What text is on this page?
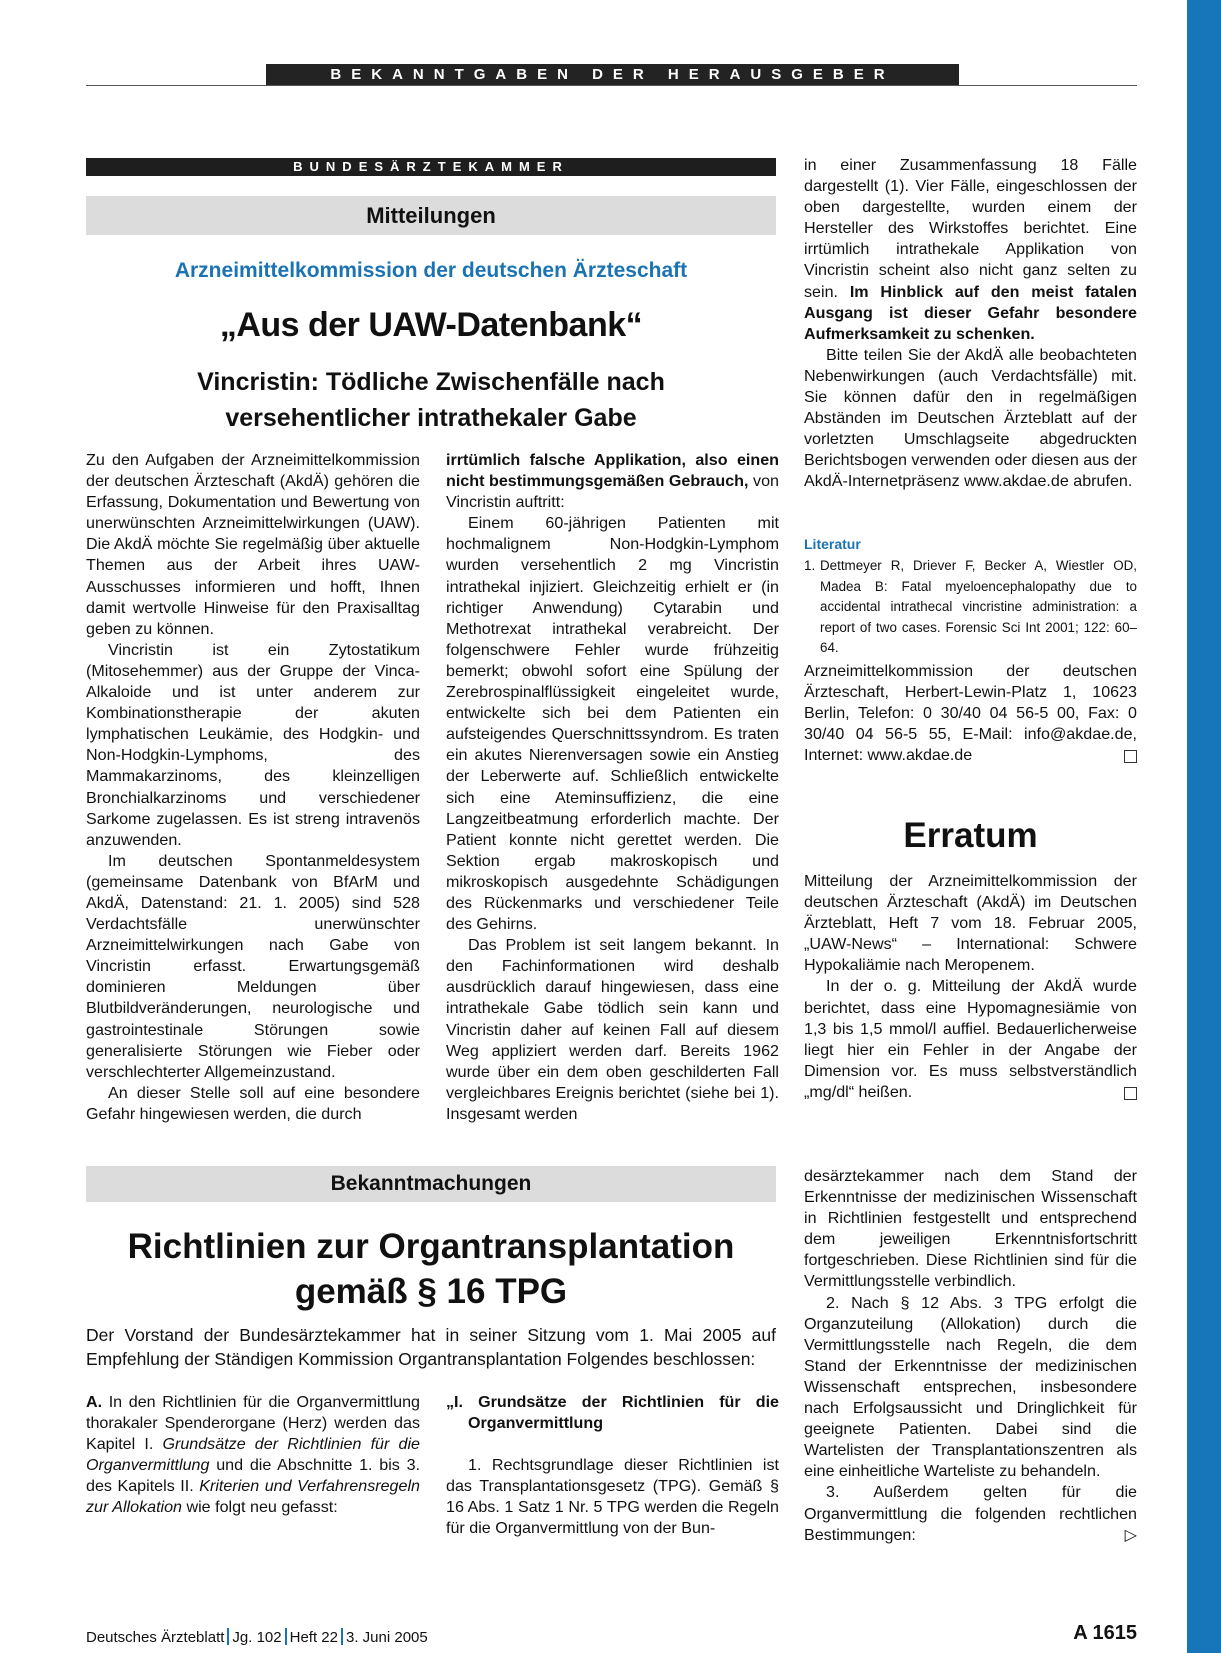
BEKANNTGABEN DER HERAUSGEBER
BUNDESÄRZTEKAMMER
Mitteilungen
Arzneimittelkommission der deutschen Ärzteschaft
„Aus der UAW-Datenbank“
Vincristin: Tödliche Zwischenfälle nach
versehentlicher intrathekaler Gabe

Zu den Aufgaben der Arzneimittelkommission der deutschen Ärzteschaft (AkdÄ) gehören die Erfassung, Dokumentation und Bewertung von unerwünschten Arzneimittelwirkungen (UAW). Die AkdÄ möchte Sie regelmäßig über aktuelle Themen aus der Arbeit ihres UAW-Ausschusses informieren und hofft, Ihnen damit wertvolle Hinweise für den Praxisalltag geben zu können.

Vincristin ist ein Zytostatikum (Mitosehemmer) aus der Gruppe der Vinca-Alkaloide und ist unter anderem zur Kombinationstherapie der akuten lymphatischen Leukämie, des Hodgkin- und Non-Hodgkin-Lymphoms, des Mammakarzinoms, des kleinzelligen Bronchialkarzinoms und verschiedener Sarkome zugelassen. Es ist streng intravenös anzuwenden.

Im deutschen Spontanmeldesystem (gemeinsame Datenbank von BfArM und AkdÄ, Datenstand: 21. 1. 2005) sind 528 Verdachtsfälle unerwünschter Arzneimittelwirkungen nach Gabe von Vincristin erfasst. Erwartungsgemäß dominieren Meldungen über Blutbildveränderungen, neurologische und gastrointestinale Störungen sowie generalisierte Störungen wie Fieber oder verschlechterter Allgemeinzustand.

An dieser Stelle soll auf eine besondere Gefahr hingewiesen werden, die durch

irrtümlich falsche Applikation, also einen nicht bestimmungsgemäßen Gebrauch, von Vincristin auftritt:

Einem 60-jährigen Patienten mit hochmalignem Non-Hodgkin-Lymphom wurden versehentlich 2 mg Vincristin intrathekal injiziert. Gleichzeitig erhielt er (in richtiger Anwendung) Cytarabin und Methotrexat intrathekal verabreicht. Der folgenschwere Fehler wurde frühzeitig bemerkt; obwohl sofort eine Spülung der Zerebrospinalflüssigkeit eingeleitet wurde, entwickelte sich bei dem Patienten ein aufsteigendes Querschnittssyndrom. Es traten ein akutes Nierenversagen sowie ein Anstieg der Leberwerte auf. Schließlich entwickelte sich eine Ateminsuffizienz, die eine Langzeitbeatmung erforderlich machte. Der Patient konnte nicht gerettet werden. Die Sektion ergab makroskopisch und mikroskopisch ausgedehnte Schädigungen des Rückenmarks und verschiedener Teile des Gehirns.

Das Problem ist seit langem bekannt. In den Fachinformationen wird deshalb ausdrücklich darauf hingewiesen, dass eine intrathekale Gabe tödlich sein kann und Vincristin daher auf keinen Fall auf diesem Weg appliziert werden darf. Bereits 1962 wurde über ein dem oben geschilderten Fall vergleichbares Ereignis berichtet (siehe bei 1). Insgesamt werden

in einer Zusammenfassung 18 Fälle dargestellt (1). Vier Fälle, eingeschlossen der oben dargestellte, wurden einem der Hersteller des Wirkstoffes berichtet. Eine irrtümlich intrathekale Applikation von Vincristin scheint also nicht ganz selten zu sein. Im Hinblick auf den meist fatalen Ausgang ist dieser Gefahr besondere Aufmerksamkeit zu schenken.

Bitte teilen Sie der AkdÄ alle beobachteten Nebenwirkungen (auch Verdachtsfälle) mit. Sie können dafür den in regelmäßigen Abständen im Deutschen Ärzteblatt auf der vorletzten Umschlagseite abgedruckten Berichtsbogen verwenden oder diesen aus der AkdÄ-Internetpräsenz www.akdae.de abrufen.

Literatur
1. Dettmeyer R, Driever F, Becker A, Wiestler OD, Madea B: Fatal myeloencephalopathy due to accidental intrathecal vincristine administration: a report of two cases. Forensic Sci Int 2001; 122: 60–64.
Arzneimittelkommission der deutschen Ärzteschaft, Herbert-Lewin-Platz 1, 10623 Berlin, Telefon: 0 30/40 04 56-5 00, Fax: 0 30/40 04 56-5 55, E-Mail: info@akdae.de, Internet: www.akdae.de
Erratum

Mitteilung der Arzneimittelkommission der deutschen Ärzteschaft (AkdÄ) im Deutschen Ärzteblatt, Heft 7 vom 18. Februar 2005, „UAW-News“ – International: Schwere Hypokaliämie nach Meropenem.

In der o. g. Mitteilung der AkdÄ wurde berichtet, dass eine Hypomagnesiämie von 1,3 bis 1,5 mmol/l auffiel. Bedauerlicherweise liegt hier ein Fehler in der Angabe der Dimension vor. Es muss selbstverständlich „mg/dl“ heißen.

Bekanntmachungen
Richtlinien zur Organtransplantation
gemäß § 16 TPG
Der Vorstand der Bundesärztekammer hat in seiner Sitzung vom 1. Mai 2005 auf Empfehlung der Ständigen Kommission Organtransplantation Folgendes beschlossen:

A. In den Richtlinien für die Organvermittlung thorakaler Spenderorgane (Herz) werden das Kapitel I. Grundsätze der Richtlinien für die Organvermittlung und die Abschnitte 1. bis 3. des Kapitels II. Kriterien und Verfahrensregeln zur Allokation wie folgt neu gefasst:

„I. Grundsätze der Richtlinien für die Organvermittlung

1. Rechtsgrundlage dieser Richtlinien ist das Transplantationsgesetz (TPG). Gemäß § 16 Abs. 1 Satz 1 Nr. 5 TPG werden die Regeln für die Organvermittlung von der Bun-

desärztekammer nach dem Stand der Erkenntnisse der medizinischen Wissenschaft in Richtlinien festgestellt und entsprechend dem jeweiligen Erkenntnisfortschritt fortgeschrieben. Diese Richtlinien sind für die Vermittlungsstelle verbindlich.

2. Nach § 12 Abs. 3 TPG erfolgt die Organzuteilung (Allokation) durch die Vermittlungsstelle nach Regeln, die dem Stand der Erkenntnisse der medizinischen Wissenschaft entsprechen, insbesondere nach Erfolgsaussicht und Dringlichkeit für geeignete Patienten. Dabei sind die Wartelisten der Transplantationszentren als eine einheitliche Warteliste zu behandeln.

3. Außerdem gelten für die Organvermittlung die folgenden rechtlichen Bestimmungen:	▷

Deutsches Ärzteblatt Jg. 102 Heft 22 3. Juni 2005	A 1615
